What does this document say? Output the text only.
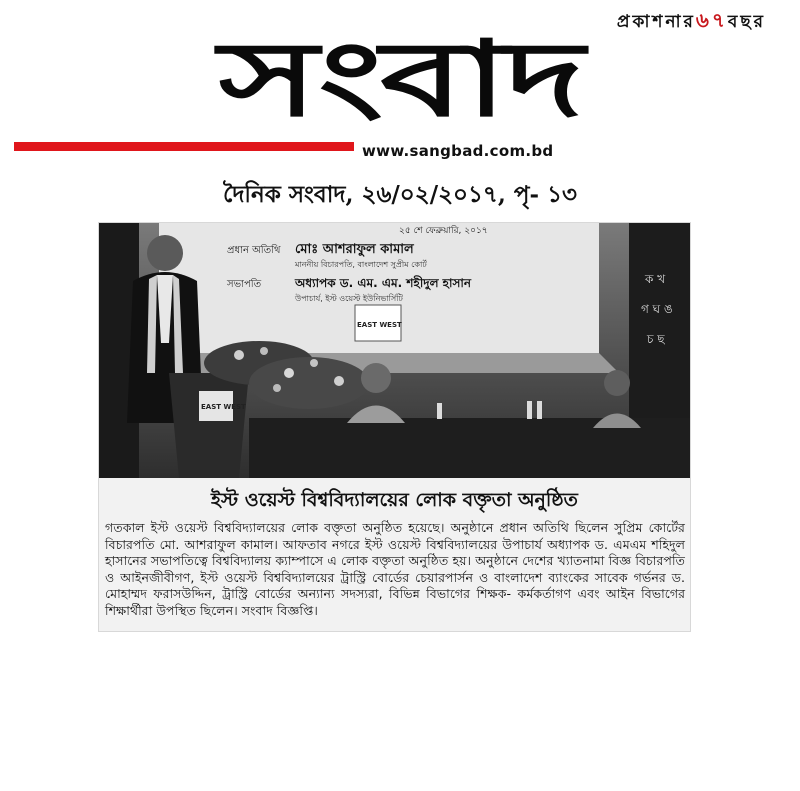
প্রকাশনার৬৭বছর
সংবাদ
www.sangbad.com.bd
দৈনিক সংবাদ, ২৬/০২/২০১৭, পৃ- ১৩
২৫ শে ফেব্রুয়ারি, ২০১৭
প্রধান অতিথি মোঃ আশরাফুল কামাল
মাননীয় বিচারপতি, বাংলাদেশ সুপ্রীম কোর্ট
সভাপতি	অধ্যাপক ড. এম. এম. শহীদুল হাসান
উপাচার্য, ইস্ট ওয়েস্ট ইউনিভার্সিটি
EAST WEST
ক খ
গ ঘ ঙ
চ ছ
EAST WEST
ইস্ট ওয়েস্ট বিশ্ববিদ্যালয়ের লোক বক্তৃতা অনুষ্ঠিত

গতকাল ইস্ট ওয়েস্ট বিশ্ববিদ্যালয়ের লোক বক্তৃতা অনুষ্ঠিত হয়েছে। অনুষ্ঠানে প্রধান অতিথি ছিলেন সুপ্রিম কোর্টের বিচারপতি মো. আশরাফুল কামাল। আফতাব নগরে ইস্ট ওয়েস্ট বিশ্ববিদ্যালয়ের উপাচার্য অধ্যাপক ড. এমএম শহিদুল হাসানের সভাপতিত্বে বিশ্ববিদ্যালয় ক্যাম্পাসে এ লোক বক্তৃতা অনুষ্ঠিত হয়। অনুষ্ঠানে দেশের খ্যাতনামা বিজ্ঞ বিচারপতি ও আইনজীবীগণ, ইস্ট ওয়েস্ট বিশ্ববিদ্যালয়ের ট্রাস্ট্রি বোর্ডের চেয়ারপার্সন ও বাংলাদেশ ব্যাংকের সাবেক গর্ভনর ড. মোহাম্মদ ফরাসউদ্দিন, ট্রাস্ট্রি বোর্ডের অন্যান্য সদস্যরা, বিভিন্ন বিভাগের শিক্ষক- কর্মকর্তাগণ এবং আইন বিভাগের শিক্ষার্থীরা উপস্থিত ছিলেন। সংবাদ বিজ্ঞপ্তি।
